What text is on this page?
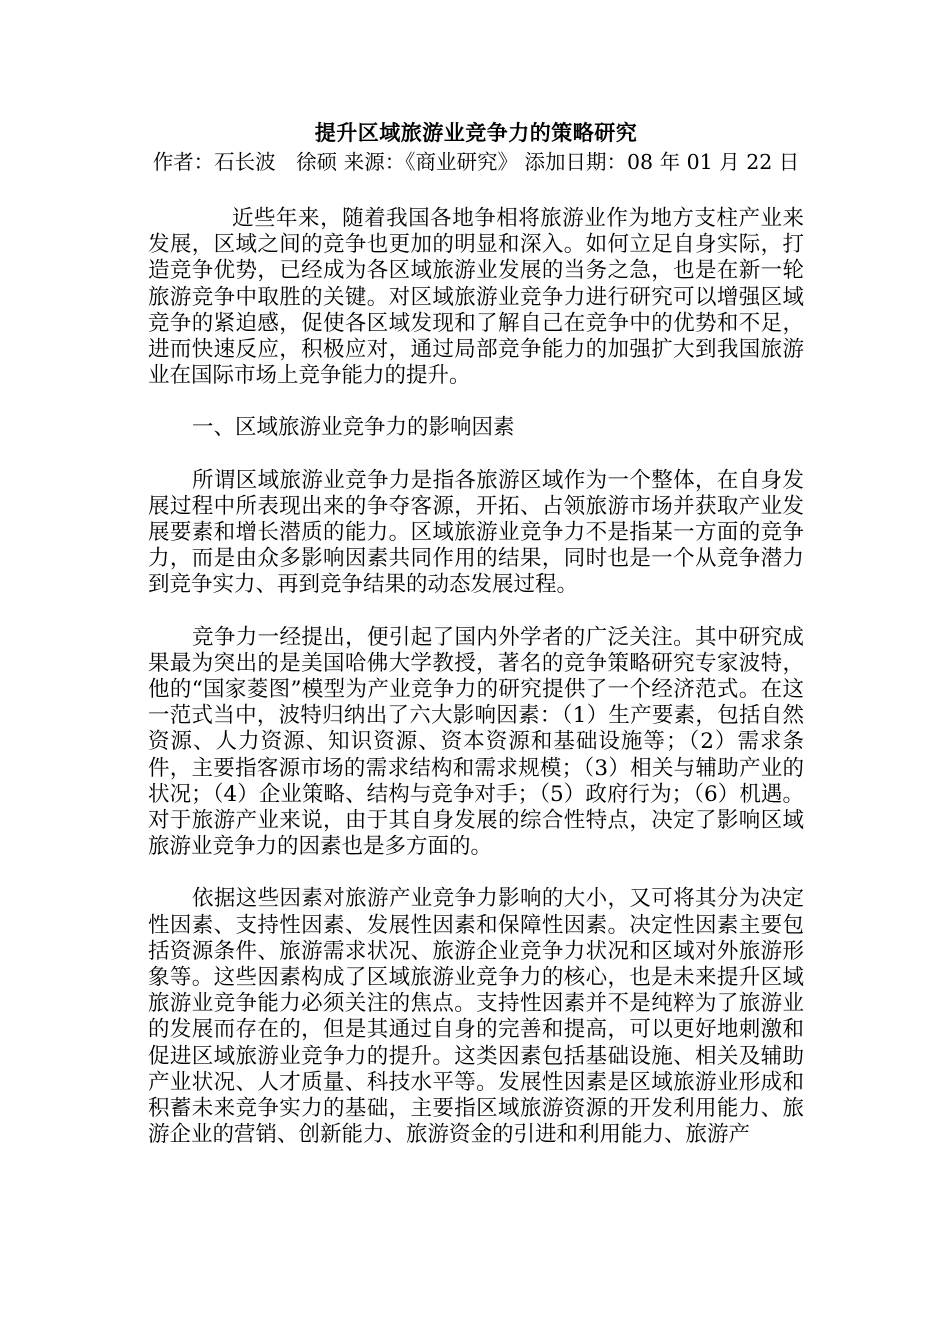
提升区域旅游业竞争力的策略研究

作者：石长波　徐硕 来源：《商业研究》 添加日期：08 年 01 月 22 日

近些年来，随着我国各地争相将旅游业作为地方支柱产业来发展，区域之间的竞争也更加的明显和深入。如何立足自身实际，打造竞争优势，已经成为各区域旅游业发展的当务之急，也是在新一轮旅游竞争中取胜的关键。对区域旅游业竞争力进行研究可以增强区域竞争的紧迫感，促使各区域发现和了解自己在竞争中的优势和不足，进而快速反应，积极应对，通过局部竞争能力的加强扩大到我国旅游业在国际市场上竞争能力的提升。

一、区域旅游业竞争力的影响因素

所谓区域旅游业竞争力是指各旅游区域作为一个整体，在自身发展过程中所表现出来的争夺客源，开拓、占领旅游市场并获取产业发展要素和增长潜质的能力。区域旅游业竞争力不是指某一方面的竞争力，而是由众多影响因素共同作用的结果，同时也是一个从竞争潜力到竞争实力、再到竞争结果的动态发展过程。

竞争力一经提出，便引起了国内外学者的广泛关注。其中研究成果最为突出的是美国哈佛大学教授，著名的竞争策略研究专家波特，他的“国家菱图”模型为产业竞争力的研究提供了一个经济范式。在这一范式当中，波特归纳出了六大影响因素：（1）生产要素，包括自然资源、人力资源、知识资源、资本资源和基础设施等；（2）需求条件，主要指客源市场的需求结构和需求规模；（3）相关与辅助产业的状况；（4）企业策略、结构与竞争对手；（5）政府行为；（6）机遇。对于旅游产业来说，由于其自身发展的综合性特点，决定了影响区域旅游业竞争力的因素也是多方面的。

依据这些因素对旅游产业竞争力影响的大小，又可将其分为决定性因素、支持性因素、发展性因素和保障性因素。决定性因素主要包括资源条件、旅游需求状况、旅游企业竞争力状况和区域对外旅游形象等。这些因素构成了区域旅游业竞争力的核心，也是未来提升区域旅游业竞争能力必须关注的焦点。支持性因素并不是纯粹为了旅游业的发展而存在的，但是其通过自身的完善和提高，可以更好地刺激和促进区域旅游业竞争力的提升。这类因素包括基础设施、相关及辅助产业状况、人才质量、科技水平等。发展性因素是区域旅游业形成和积蓄未来竞争实力的基础，主要指区域旅游资源的开发利用能力、旅游企业的营销、创新能力、旅游资金的引进和利用能力、旅游产
